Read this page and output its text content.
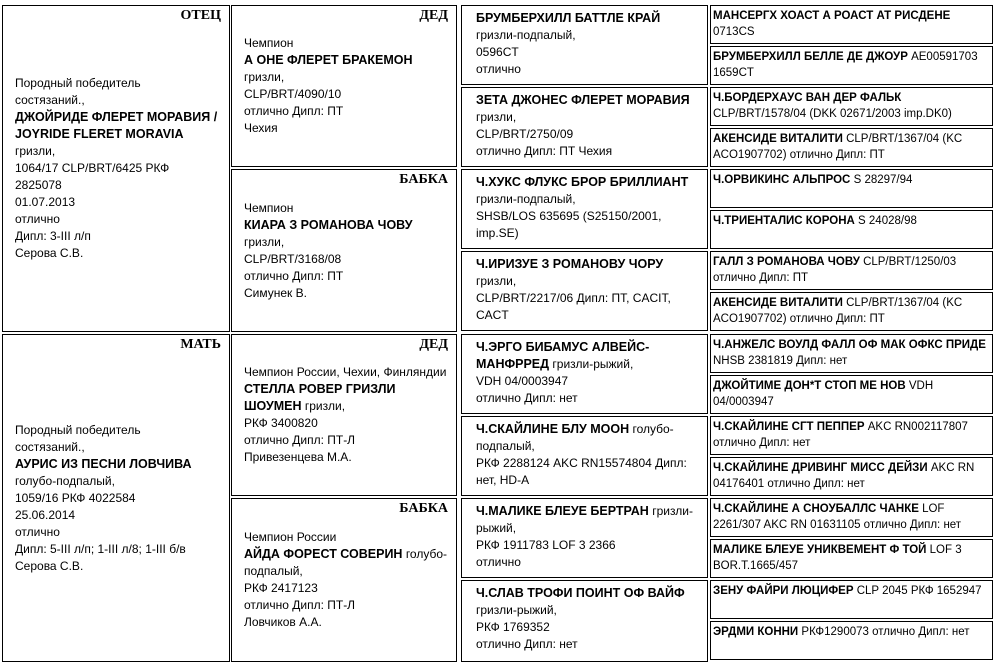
ОТЕЦ
Породный победитель
состязаний.,
ДЖОЙРИДЕ ФЛЕРЕТ МОРАВИЯ / JOYRIDE FLERET MORAVIA
гризли,
1064/17 CLP/BRT/6425 РКФ
2825078
01.07.2013
отлично
Дипл: 3-III л/п
Серова С.В.
МАТЬ
Породный победитель
состязаний.,
АУРИС ИЗ ПЕСНИ ЛОВЧИВА
голубо-подпалый,
1059/16 РКФ 4022584
25.06.2014
отлично
Дипл: 5-III л/п; 1-III л/8; 1-III б/в
Серова С.В.
ДЕД
Чемпион
А ОНЕ ФЛЕРЕТ БРАКЕМОН
гризли,
CLP/BRT/4090/10
отлично Дипл: ПТ
Чехия
БАБКА
Чемпион
КИАРА З РОМАНОВА ЧОВУ
гризли,
CLP/BRT/3168/08
отлично Дипл: ПТ
Симунек В.
ДЕД
Чемпион России, Чехии, Финляндии
СТЕЛЛА РОВЕР ГРИЗЛИ ШОУМЕН гризли,
РКФ 3400820
отлично Дипл: ПТ-Л
Привезенцева М.А.
БАБКА
Чемпион России
АЙДА ФОРЕСТ СОВЕРИН голубо-подпалый,
РКФ 2417123
отлично Дипл: ПТ-Л
Ловчиков А.А.
БРУМБЕРХИЛЛ БАТТЛЕ КРАЙ
гризли-подпалый,
0596CT
отлично
ЗЕТА ДЖОНЕС ФЛЕРЕТ МОРАВИЯ
гризли,
CLP/BRT/2750/09
отлично Дипл: ПТ Чехия
Ч.ХУКС ФЛУКС БРОР БРИЛЛИАНТ
гризли-подпалый,
SHSB/LOS 635695 (S25150/2001,
imp.SE)
Ч.ИРИЗУЕ З РОМАНОВУ ЧОРУ
гризли,
CLP/BRT/2217/06 Дипл: ПТ, CACIT,
CACT
Ч.ЭРГО БИБАМУС АЛВЕЙС-МАНФРРЕД гризли-рыжий,
VDH 04/0003947
отлично Дипл: нет
Ч.СКАЙЛИНЕ БЛУ МООН голубо-подпалый,
РКФ 2288124 AKC RN15574804 Дипл:
нет, HD-A
Ч.МАЛИКЕ БЛЕУЕ БЕРТРАН гризли-рыжий,
РКФ 1911783 LOF 3 2366
отлично
Ч.СЛАВ ТРОФИ ПОИНТ ОФ ВАЙФ
гризли-рыжий,
РКФ 1769352
отлично Дипл: нет
МАНСЕРГХ ХОАСТ А РОАСТ АТ РИСДЕНЕ 0713CS
БРУМБЕРХИЛЛ БЕЛЛЕ ДЕ ДЖОУР AE00591703 1659CT
Ч.БОРДЕРХАУС ВАН ДЕР ФАЛЬК CLP/BRT/1578/04 (DKK 02671/2003 imp.DK0)
АКЕНСИДЕ ВИТАЛИТИ CLP/BRT/1367/04 (KC ACO1907702) отлично Дипл: ПТ
Ч.ОРВИКИНС АЛЬПРОС S 28297/94
Ч.ТРИЕНТАЛИС КОРОНА S 24028/98
ГАЛЛ З РОМАНОВА ЧОВУ CLP/BRT/1250/03 отлично Дипл: ПТ
АКЕНСИДЕ ВИТАЛИТИ CLP/BRT/1367/04 (KC ACO1907702) отлично Дипл: ПТ
Ч.АНЖЕЛС ВОУЛД ФАЛЛ ОФ МАК ОФКС ПРИДЕ NHSB 2381819 Дипл: нет
ДЖОЙТИМЕ ДОН*Т СТОП МЕ НОВ VDH 04/0003947
Ч.СКАЙЛИНЕ СГТ ПЕППЕР AKC RN002117807 отлично Дипл: нет
Ч.СКАЙЛИНЕ ДРИВИНГ МИСС ДЕЙЗИ AKC RN 04176401 отлично Дипл: нет
Ч.СКАЙЛИНЕ А СНОУБАЛЛС ЧАНКЕ LOF 2261/307 AKC RN 01631105 отлично Дипл: нет
МАЛИКЕ БЛЕУЕ УНИКВЕМЕНТ Ф ТОЙ LOF 3 BOR.T.1665/457
ЗЕНУ ФАЙРИ ЛЮЦИФЕР CLP 2045 РКФ 1652947
ЭРДМИ КОННИ РКФ1290073 отлично Дипл: нет
